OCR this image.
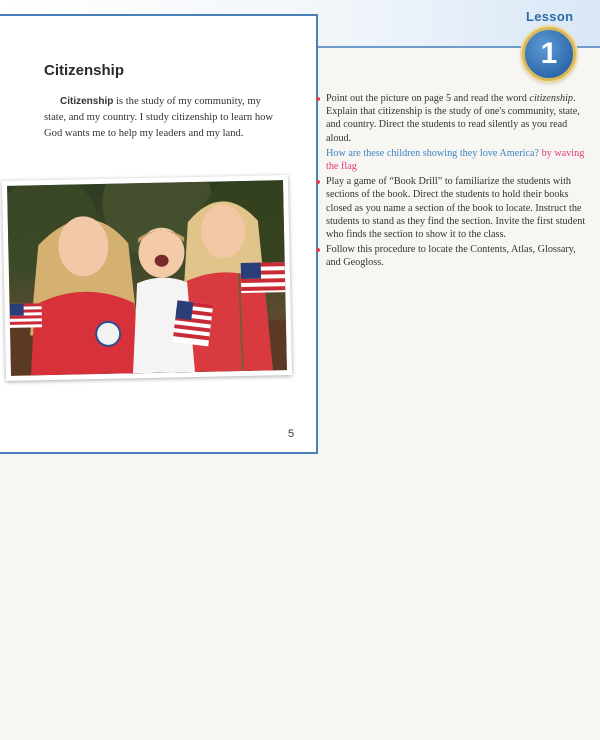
Lesson
1
Citizenship

Citizenship is the study of my community, my state, and my country. I study citizenship to learn how God wants me to help my leaders and my land.

5
Point out the picture on page 5 and read the word citizenship. Explain that citizenship is the study of one's community, state, and country. Direct the students to read silently as you read aloud.
How are these children showing they love America? by waving the flag
Play a game of “Book Drill” to familiarize the students with sections of the book. Direct the students to hold their books closed as you name a section of the book to locate. Instruct the students to stand as they find the section. Invite the first student who finds the section to show it to the class.
Follow this procedure to locate the Contents, Atlas, Glossary, and Geogloss.
